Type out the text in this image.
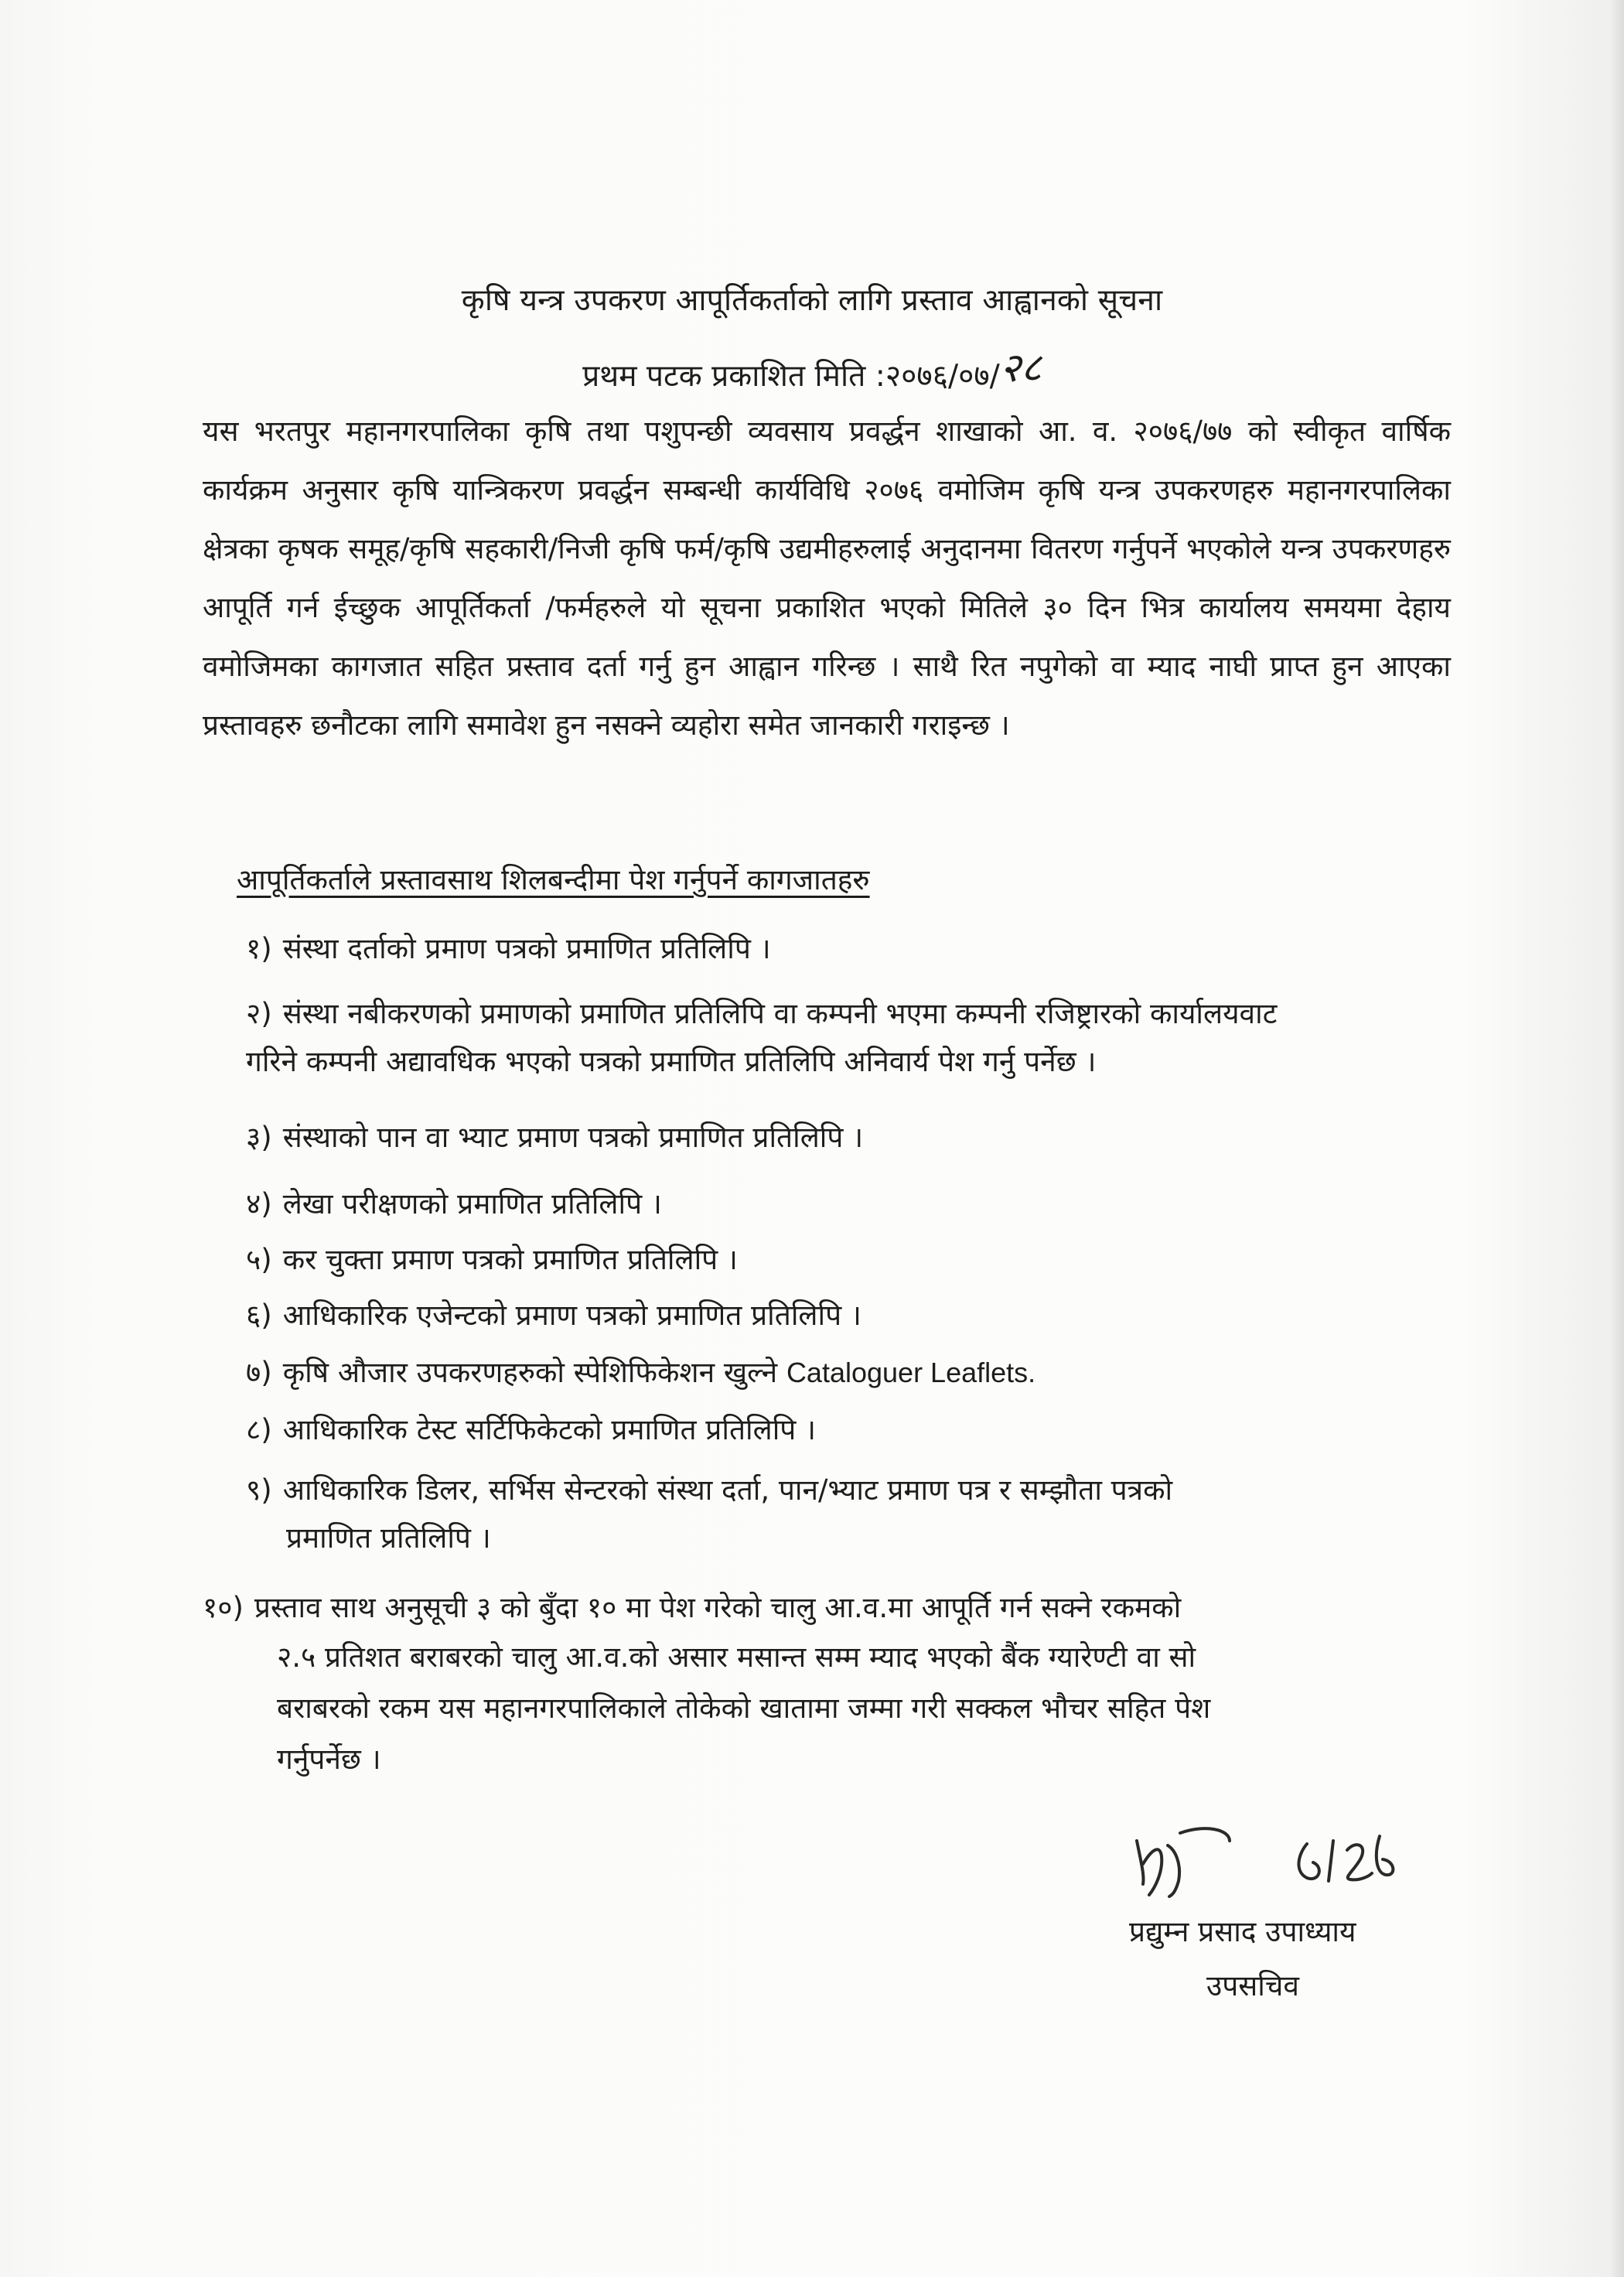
कृषि यन्त्र उपकरण आपूर्तिकर्ताको लागि प्रस्ताव आह्वानको सूचना
प्रथम पटक प्रकाशित मिति :२०७६/०७/२८

यस भरतपुर महानगरपालिका कृषि तथा पशुपन्छी व्यवसाय प्रवर्द्धन शाखाको आ. व. २०७६/७७ को स्वीकृत वार्षिक कार्यक्रम अनुसार कृषि यान्त्रिकरण प्रवर्द्धन सम्बन्धी कार्यविधि २०७६ वमोजिम कृषि यन्त्र उपकरणहरु महानगरपालिका क्षेत्रका कृषक समूह/कृषि सहकारी/निजी कृषि फर्म/कृषि उद्यमीहरुलाई अनुदानमा वितरण गर्नुपर्ने भएकोले यन्त्र उपकरणहरु आपूर्ति गर्न ईच्छुक आपूर्तिकर्ता /फर्महरुले यो सूचना प्रकाशित भएको मितिले ३० दिन भित्र कार्यालय समयमा देहाय वमोजिमका कागजात सहित प्रस्ताव दर्ता गर्नु हुन आह्वान गरिन्छ । साथै रित नपुगेको वा म्याद नाघी प्राप्त हुन आएका प्रस्तावहरु छनौटका लागि समावेश हुन नसक्ने व्यहोरा समेत जानकारी गराइन्छ ।

आपूर्तिकर्ताले प्रस्तावसाथ शिलबन्दीमा पेश गर्नुपर्ने कागजातहरु

१) संस्था दर्ताको प्रमाण पत्रको प्रमाणित प्रतिलिपि ।
२) संस्था नबीकरणको प्रमाणको प्रमाणित प्रतिलिपि वा कम्पनी भएमा कम्पनी रजिष्ट्रारको कार्यालयवाट
गरिने कम्पनी अद्यावधिक भएको पत्रको प्रमाणित प्रतिलिपि अनिवार्य पेश गर्नु पर्नेछ ।
३) संस्थाको पान वा भ्याट प्रमाण पत्रको प्रमाणित प्रतिलिपि ।
४) लेखा परीक्षणको प्रमाणित प्रतिलिपि ।
५) कर चुक्ता प्रमाण पत्रको प्रमाणित प्रतिलिपि ।
६) आधिकारिक एजेन्टको प्रमाण पत्रको प्रमाणित प्रतिलिपि ।
७) कृषि औजार उपकरणहरुको स्पेशिफिकेशन खुल्ने Cataloguer Leaflets.
८) आधिकारिक टेस्ट सर्टिफिकेटको प्रमाणित प्रतिलिपि ।
९) आधिकारिक डिलर, सर्भिस सेन्टरको संस्था दर्ता, पान/भ्याट प्रमाण पत्र र सम्झौता पत्रको
प्रमाणित प्रतिलिपि ।
१०) प्रस्ताव साथ अनुसूची ३ को बुँदा १० मा पेश गरेको चालु आ.व.मा आपूर्ति गर्न सक्ने रकमको
२.५ प्रतिशत बराबरको चालु आ.व.को असार मसान्त सम्म म्याद भएको बैंक ग्यारेण्टी वा सो
बराबरको रकम यस महानगरपालिकाले तोकेको खातामा जम्मा गरी सक्कल भौचर सहित पेश
गर्नुपर्नेछ ।
प्रद्युम्न प्रसाद उपाध्याय
उपसचिव
